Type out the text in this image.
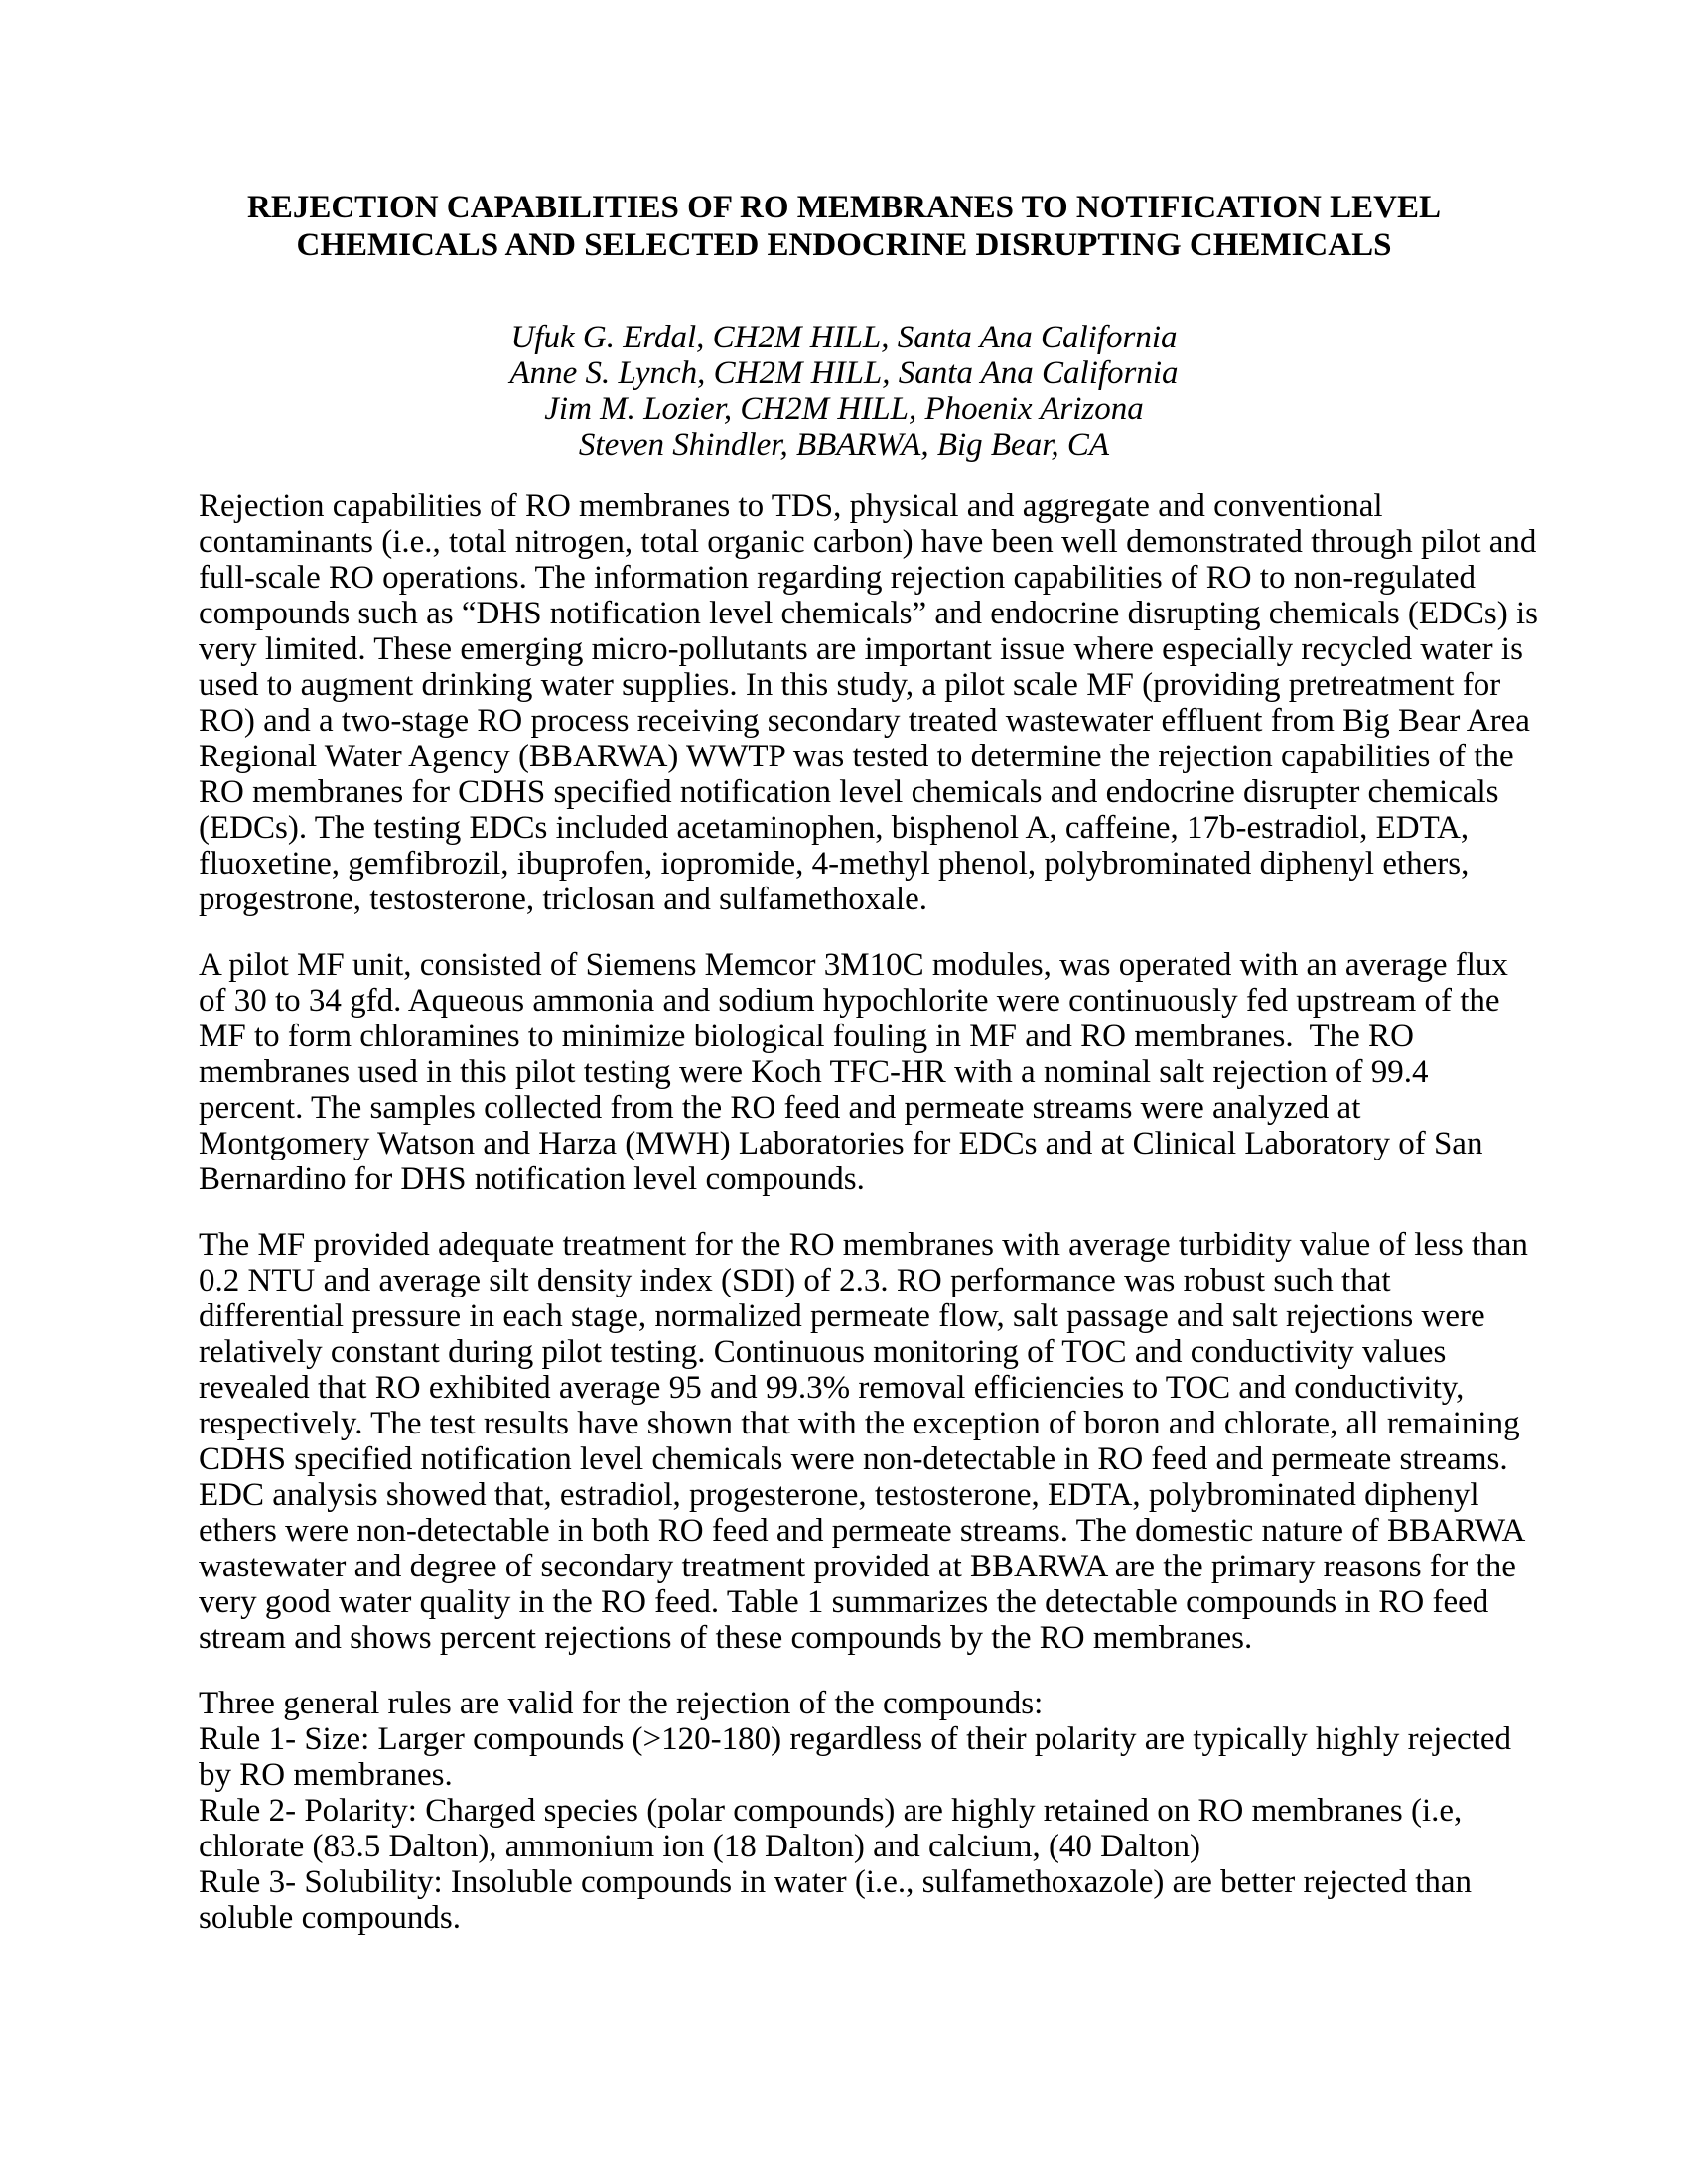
REJECTION CAPABILITIES OF RO MEMBRANES TO NOTIFICATION LEVEL
CHEMICALS AND SELECTED ENDOCRINE DISRUPTING CHEMICALS
Ufuk G. Erdal, CH2M HILL, Santa Ana California
Anne S. Lynch, CH2M HILL, Santa Ana California
Jim M. Lozier, CH2M HILL, Phoenix Arizona
Steven Shindler, BBARWA, Big Bear, CA

Rejection capabilities of RO membranes to TDS, physical and aggregate and conventional
contaminants (i.e., total nitrogen, total organic carbon) have been well demonstrated through pilot and
full-scale RO operations. The information regarding rejection capabilities of RO to non-regulated
compounds such as “DHS notification level chemicals” and endocrine disrupting chemicals (EDCs) is
very limited. These emerging micro-pollutants are important issue where especially recycled water is
used to augment drinking water supplies. In this study, a pilot scale MF (providing pretreatment for
RO) and a two-stage RO process receiving secondary treated wastewater effluent from Big Bear Area
Regional Water Agency (BBARWA) WWTP was tested to determine the rejection capabilities of the
RO membranes for CDHS specified notification level chemicals and endocrine disrupter chemicals
(EDCs). The testing EDCs included acetaminophen, bisphenol A, caffeine, 17b-estradiol, EDTA,
fluoxetine, gemfibrozil, ibuprofen, iopromide, 4-methyl phenol, polybrominated diphenyl ethers,
progestrone, testosterone, triclosan and sulfamethoxale.

A pilot MF unit, consisted of Siemens Memcor 3M10C modules, was operated with an average flux
of 30 to 34 gfd. Aqueous ammonia and sodium hypochlorite were continuously fed upstream of the
MF to form chloramines to minimize biological fouling in MF and RO membranes.  The RO
membranes used in this pilot testing were Koch TFC-HR with a nominal salt rejection of 99.4
percent. The samples collected from the RO feed and permeate streams were analyzed at
Montgomery Watson and Harza (MWH) Laboratories for EDCs and at Clinical Laboratory of San
Bernardino for DHS notification level compounds.

The MF provided adequate treatment for the RO membranes with average turbidity value of less than
0.2 NTU and average silt density index (SDI) of 2.3. RO performance was robust such that
differential pressure in each stage, normalized permeate flow, salt passage and salt rejections were
relatively constant during pilot testing. Continuous monitoring of TOC and conductivity values
revealed that RO exhibited average 95 and 99.3% removal efficiencies to TOC and conductivity,
respectively. The test results have shown that with the exception of boron and chlorate, all remaining
CDHS specified notification level chemicals were non-detectable in RO feed and permeate streams.
EDC analysis showed that, estradiol, progesterone, testosterone, EDTA, polybrominated diphenyl
ethers were non-detectable in both RO feed and permeate streams. The domestic nature of BBARWA
wastewater and degree of secondary treatment provided at BBARWA are the primary reasons for the
very good water quality in the RO feed. Table 1 summarizes the detectable compounds in RO feed
stream and shows percent rejections of these compounds by the RO membranes.

Three general rules are valid for the rejection of the compounds:
Rule 1- Size: Larger compounds (>120-180) regardless of their polarity are typically highly rejected
by RO membranes.
Rule 2- Polarity: Charged species (polar compounds) are highly retained on RO membranes (i.e,
chlorate (83.5 Dalton), ammonium ion (18 Dalton) and calcium, (40 Dalton)
Rule 3- Solubility: Insoluble compounds in water (i.e., sulfamethoxazole) are better rejected than
soluble compounds.
